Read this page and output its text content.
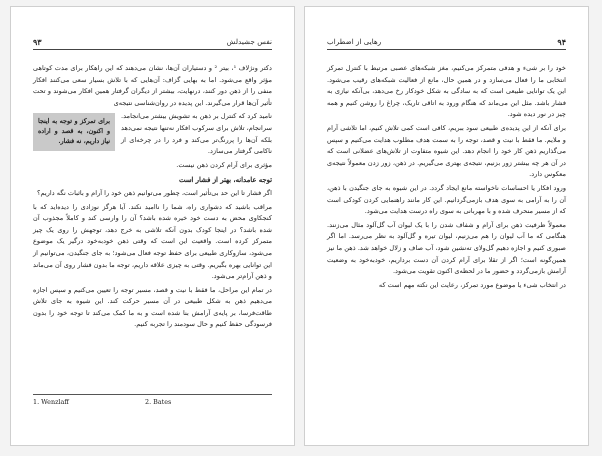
۹۳	نفس جشیدلش

دکتر ونژلاف ¹، بیتر ² و دستیاران آن‌ها، نشان می‌دهند که این راهکار برای مدت کوتاهی مؤثر واقع می‌شود. اما به بهایی گزاف: آن‌هایی که با تلاش بسیار سعی می‌کنند افکار منفی را از ذهن دور کنند، درنهایت، بیشتر از دیگران گرفتار همین افکار می‌شوند و تحت تأثیر آن‌ها قرار می‌گیرند. این پدیده در روان‌شناسی نتیجه‌ی

برای تمرکز و توجه به اینجا و اکنون، به قصد و اراده نیاز داریم، نه فشار.

نامید کرد که کنترل بر ذهن به تشویش بیشتر می‌انجامد. سرانجام، تلاش برای سرکوب افکار نه‌تنها نتیجه نمی‌دهد بلکه آن‌ها را پررنگ‌تر می‌کند و فرد را در چرخه‌ای از ناکامی گرفتار می‌سازد.

مؤثری برای آرام کردن ذهن نیست.

توجه عامدانه، بهتر از فشار است

اگر فشار تا این حد بی‌تأثیر است، چطور می‌توانیم ذهن خود را آرام و باثبات نگه داریم؟

مراقب باشید که دشواری راه، شما را ناامید نکند. آیا هرگز نوزادی را دیده‌اید که با کنجکاوی محض به دست خود خیره شده باشد؟ آن را وارسی کند و کاملاً مجذوب آن شده باشد؟ در اینجا کودک بدون آنکه تلاشی به خرج دهد، توجهش را روی یک چیز متمرکز کرده است. واقعیت این است که وقتی ذهن خودبه‌خود درگیر یک موضوع می‌شود، سازوکاری طبیعی برای حفظ توجه فعال می‌شود؛ به جای جنگیدن، می‌توانیم از این توانایی بهره بگیریم. وقتی به چیزی علاقه داریم، توجه ما بدون فشار روی آن می‌ماند و ذهن آرام‌تر می‌شود.

در تمام این مراحل، ما فقط با نیت و قصد، مسیر توجه را تعیین می‌کنیم و سپس اجازه می‌دهیم ذهن به شکل طبیعی در آن مسیر حرکت کند. این شیوه به جای تلاش طاقت‌فرسا، بر پایه‌ی آرامش بنا شده است و به ما کمک می‌کند تا توجه خود را بدون فرسودگی حفظ کنیم و حال سودمند را تجربه کنیم.

1. Wenzlaff	2. Bates
۹۴
رهایی از اضطراب

خود را بر شیء و هدفی متمرکز می‌کنیم، مغز شبکه‌های عصبی مرتبط با کنترل تمرکز انتخابی ما را فعال می‌سازد و در همین حال، مانع از فعالیت شبکه‌های رقیب می‌شود. این یک توانایی طبیعی است که به سادگی به شکل خودکار رخ می‌دهد، بی‌آنکه نیازی به فشار باشد. مثل این می‌ماند که هنگام ورود به اتاقی تاریک، چراغ را روشن کنیم و همه چیز در نور دیده شود.

برای آنکه از این پدیده‌ی طبیعی سود ببریم، کافی است کمی تلاش کنیم، اما تلاشی آرام و ملایم. ما فقط با نیت و قصد، توجه را به سمت هدف مطلوب هدایت می‌کنیم و سپس می‌گذاریم ذهن کار خود را انجام دهد. این شیوه متفاوت از تلاش‌های عضلانی است که در آن هر چه بیشتر زور بزنیم، نتیجه‌ی بهتری می‌گیریم. در ذهن، زور زدن معمولاً نتیجه‌ی معکوس دارد.

ورود افکار یا احساسات ناخواسته مانع ایجاد گردد. در این شیوه به جای جنگیدن با ذهن، آن را به آرامی به سوی هدف بازمی‌گردانیم. این کار مانند راهنمایی کردن کودکی است که از مسیر منحرف شده و با مهربانی به سوی راه درست هدایت می‌شود.

معمولاً ظرفیت ذهن برای آرام و شفاف شدن را با یک لیوان آب گل‌آلود مثال می‌زنند. هنگامی که ما آب لیوان را هم می‌زنیم، لیوان تیره و گل‌آلود به نظر می‌رسد. اما اگر صبوری کنیم و اجازه دهیم گل‌ولای ته‌نشین شود، آب صاف و زلال خواهد شد. ذهن ما نیز همین‌گونه است؛ اگر از تقلا برای آرام کردن آن دست برداریم، خودبه‌خود به وضعیت آرامش بازمی‌گردد و حضور ما در لحظه‌ی اکنون تقویت می‌شود.

در انتخاب شیء یا موضوع مورد تمرکز، رعایت این نکته مهم است که
